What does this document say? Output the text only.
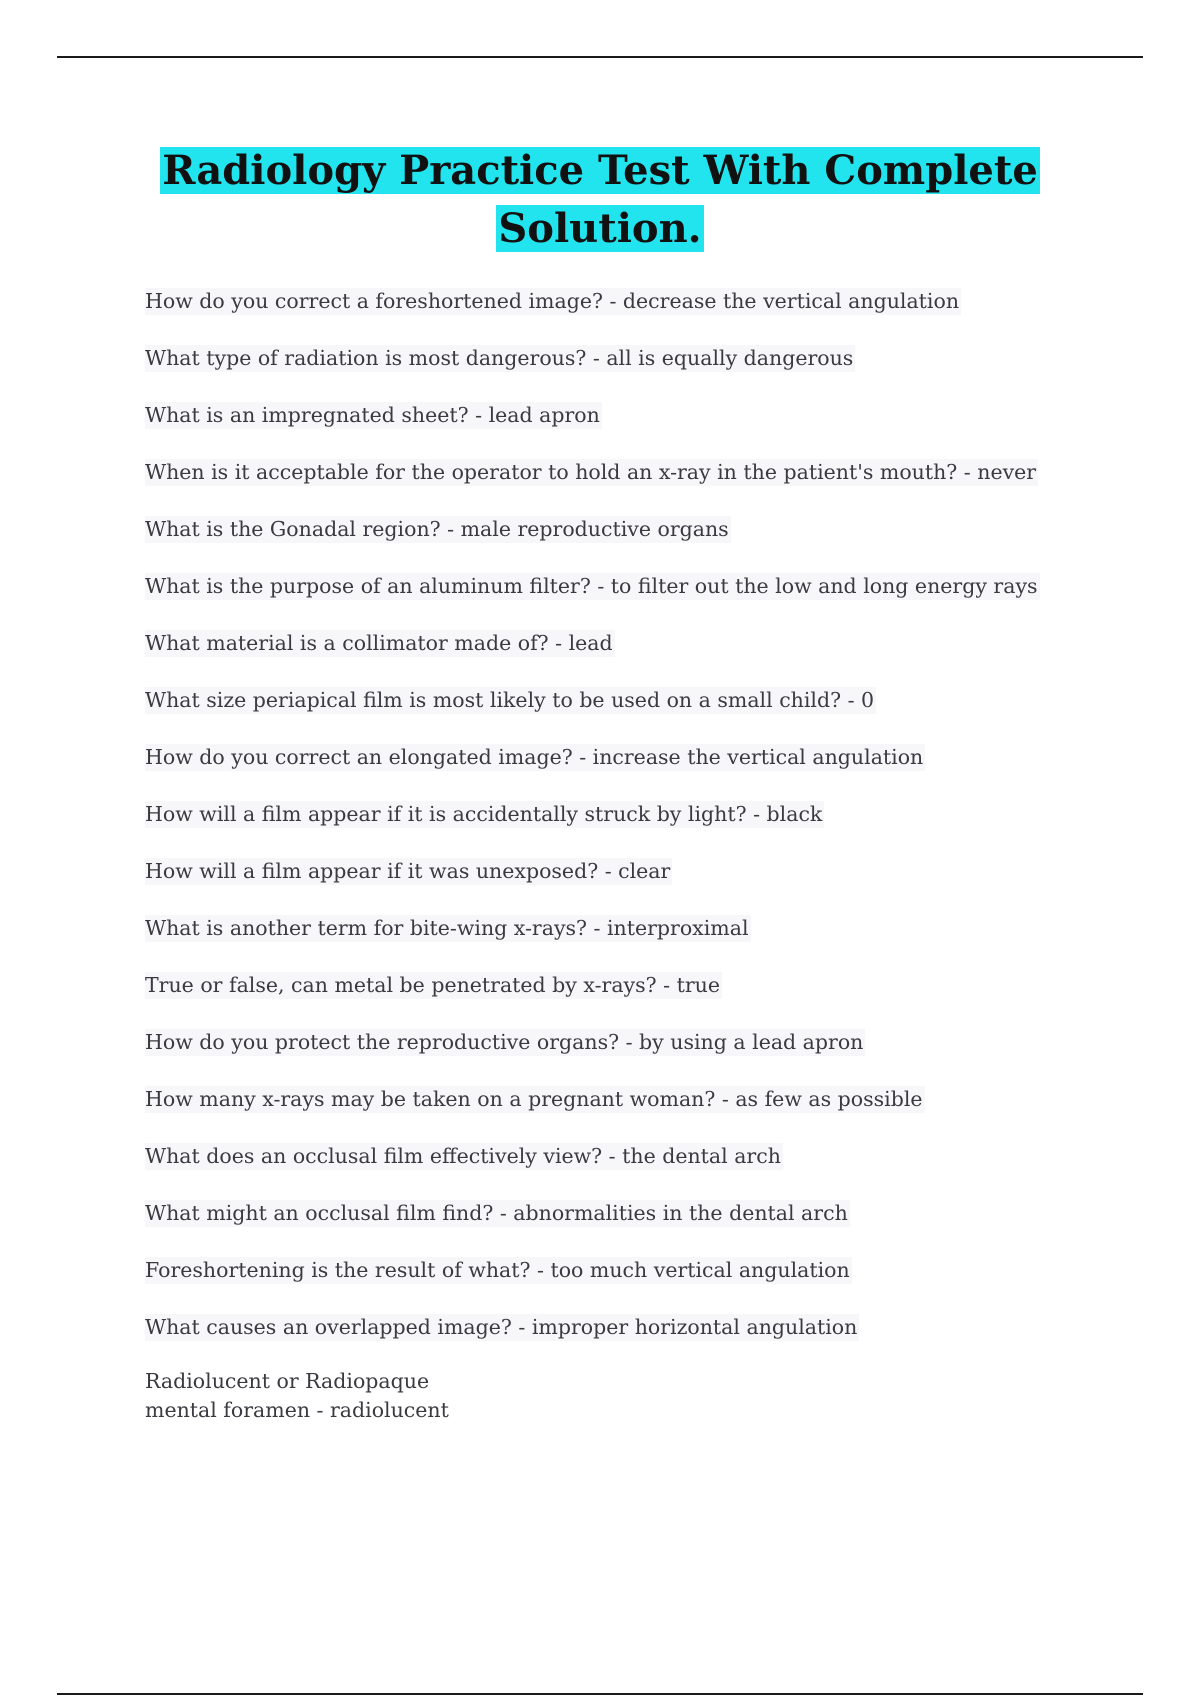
Radiology Practice Test With Complete Solution.
How do you correct a foreshortened image? - decrease the vertical angulation
What type of radiation is most dangerous? - all is equally dangerous
What is an impregnated sheet? - lead apron
When is it acceptable for the operator to hold an x-ray in the patient's mouth? - never
What is the Gonadal region? - male reproductive organs
What is the purpose of an aluminum filter? - to filter out the low and long energy rays
What material is a collimator made of? - lead
What size periapical film is most likely to be used on a small child? - 0
How do you correct an elongated image? - increase the vertical angulation
How will a film appear if it is accidentally struck by light? - black
How will a film appear if it was unexposed? - clear
What is another term for bite-wing x-rays? - interproximal
True or false, can metal be penetrated by x-rays? - true
How do you protect the reproductive organs? - by using a lead apron
How many x-rays may be taken on a pregnant woman? - as few as possible
What does an occlusal film effectively view? - the dental arch
What might an occlusal film find? - abnormalities in the dental arch
Foreshortening is the result of what? - too much vertical angulation
What causes an overlapped image? - improper horizontal angulation
Radiolucent or Radiopaque
mental foramen - radiolucent
